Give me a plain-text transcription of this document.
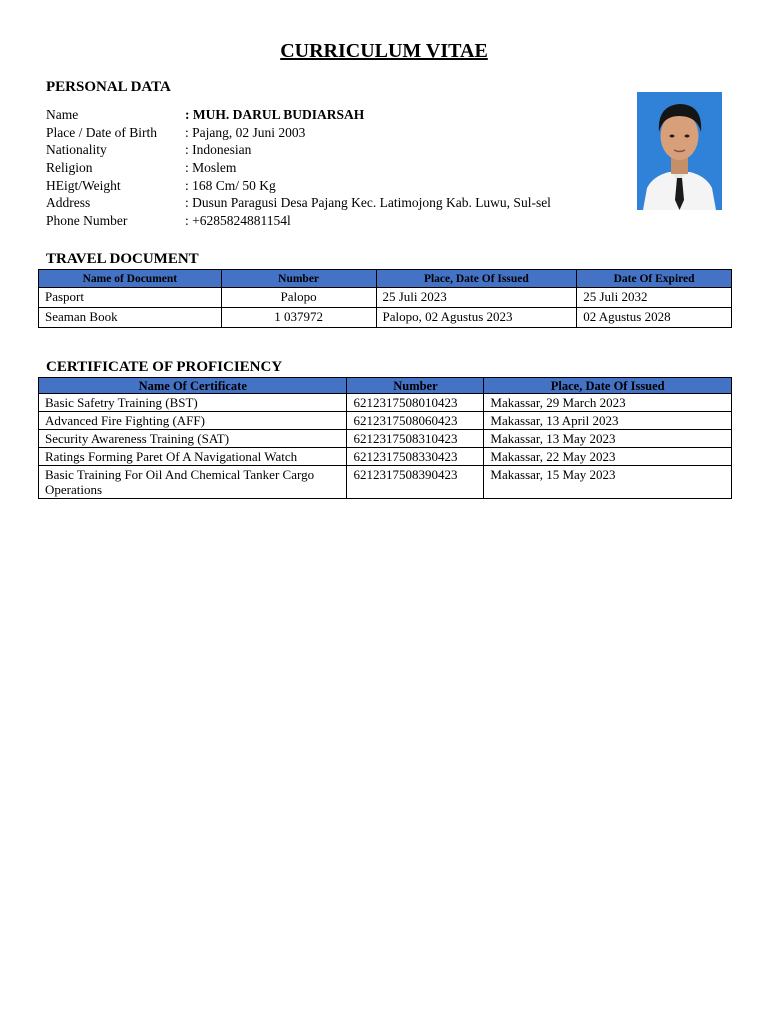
CURRICULUM VITAE
PERSONAL DATA
Name	: MUH. DARUL BUDIARSAH
Place / Date of Birth : Pajang, 02 Juni 2003
Nationality	: Indonesian
Religion	: Moslem
HEigt/Weight	: 168 Cm/ 50 Kg
Address	: Dusun Paragusi Desa Pajang Kec. Latimojong Kab. Luwu, Sul-sel
Phone Number	: +6285824881154l
TRAVEL DOCUMENT
Name of Document	Number	Place, Date Of Issued	Date Of Expired
Pasport	Palopo	25 Juli 2023	25 Juli 2032
Seaman Book	1 037972	Palopo, 02 Agustus 2023	02 Agustus 2028
CERTIFICATE OF PROFICIENCY
Name Of Certificate	Number	Place, Date Of Issued
Basic Safetry Training (BST)	6212317508010423	Makassar, 29 March 2023
Advanced Fire Fighting (AFF)	6212317508060423	Makassar, 13 April 2023
Security Awareness Training (SAT)	6212317508310423	Makassar, 13 May 2023
Ratings Forming Paret Of A Navigational Watch	6212317508330423	Makassar, 22 May 2023
Basic Training For Oil And Chemical Tanker Cargo Operations	6212317508390423	Makassar, 15 May 2023
